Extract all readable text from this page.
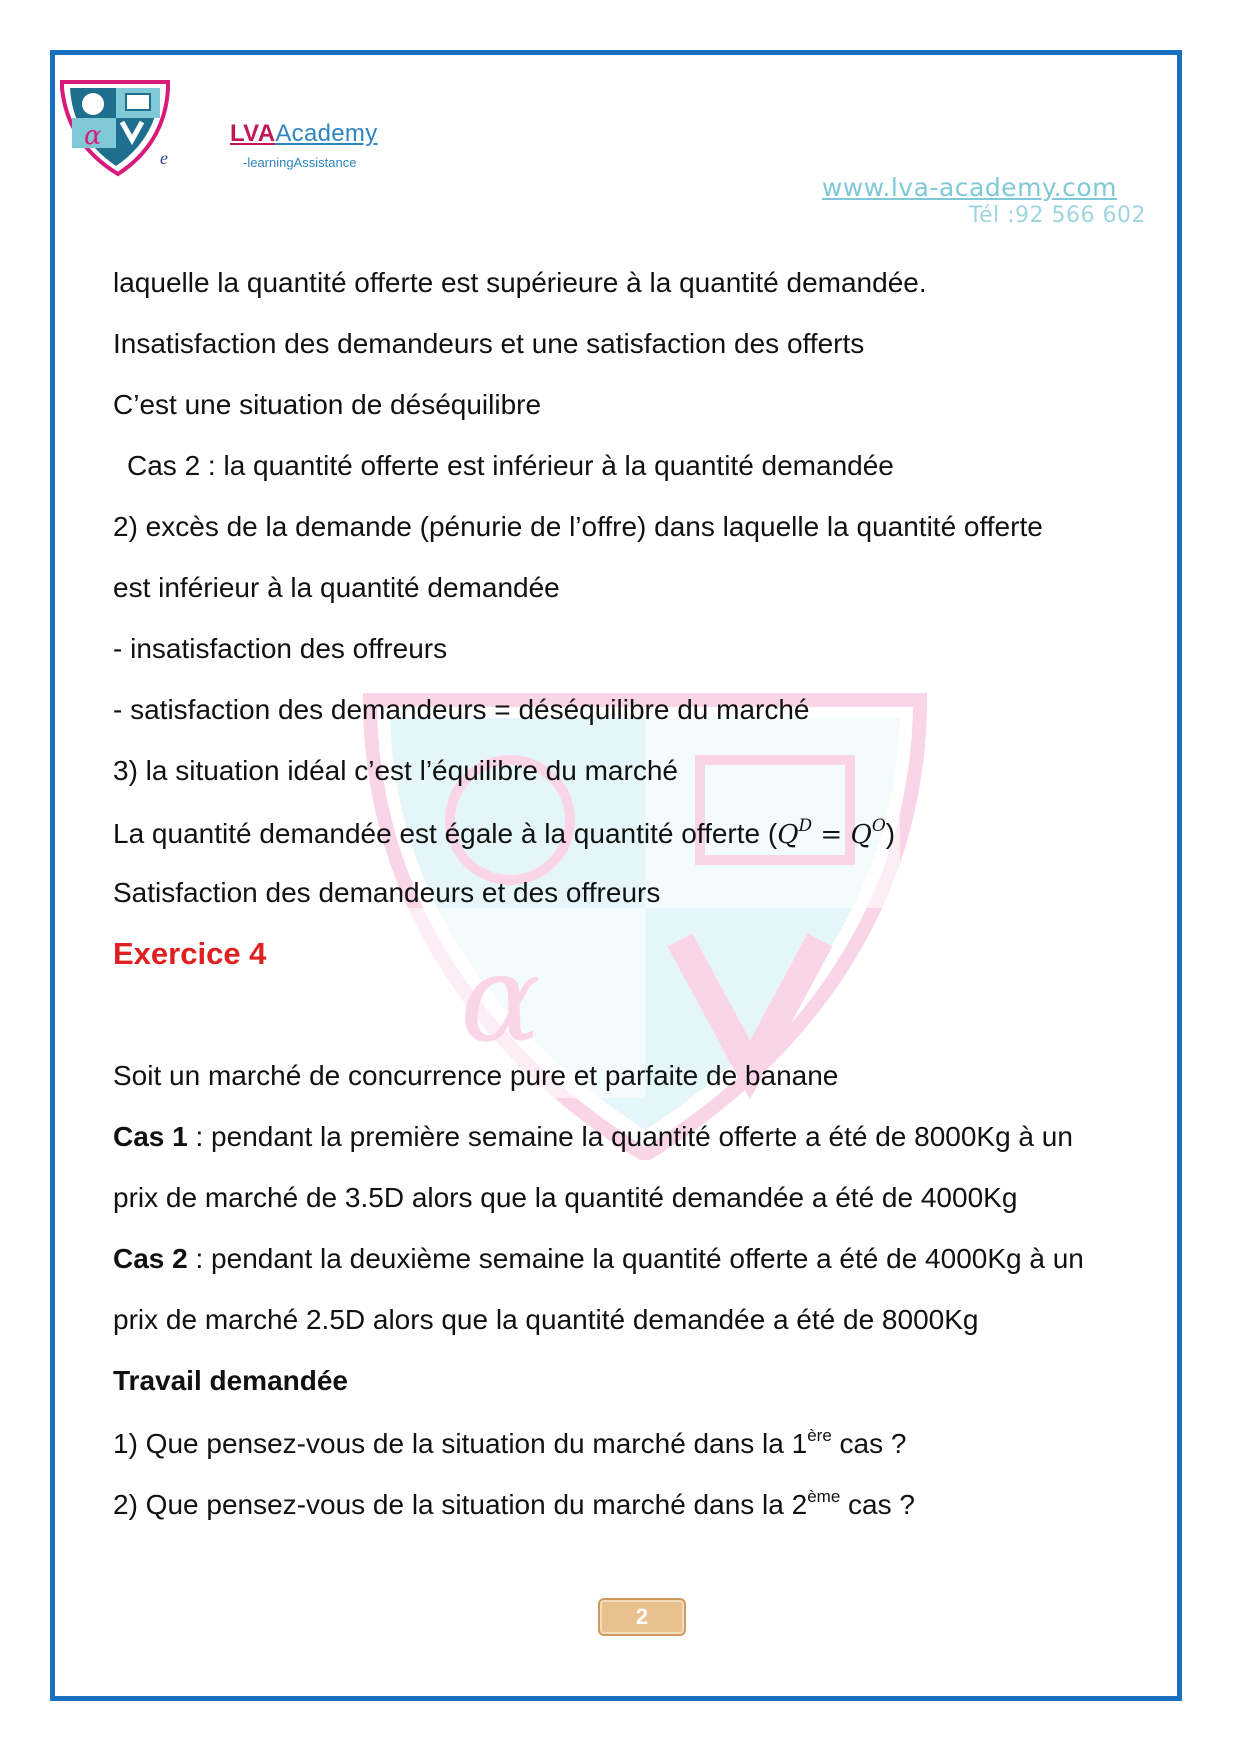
α
e
LVAAcademy
-learningAssistance
www.lva-academy.com
Tél :92 566 602
α
laquelle la quantité offerte est supérieure à la quantité demandée.
Insatisfaction des demandeurs et une satisfaction des offerts
C’est une situation de déséquilibre
Cas 2 : la quantité offerte est inférieur à la quantité demandée
2) excès de la demande (pénurie de l’offre) dans laquelle la quantité offerte
est inférieur à la quantité demandée
- insatisfaction des offreurs
- satisfaction des demandeurs = déséquilibre du marché
3) la situation idéal c’est l’équilibre du marché
La quantité demandée est égale à la quantité offerte $(Q^D = Q^O)$
Satisfaction des demandeurs et des offreurs
Exercice 4
Soit un marché de concurrence pure et parfaite de banane
Cas 1 : pendant la première semaine la quantité offerte a été de 8000Kg à un
prix de marché de 3.5D alors que la quantité demandée a été de 4000Kg
Cas 2 : pendant la deuxième semaine la quantité offerte a été de 4000Kg à un
prix de marché 2.5D alors que la quantité demandée a été de 8000Kg
Travail demandée
1) Que pensez-vous de la situation du marché dans la 1ère cas ?
2) Que pensez-vous de la situation du marché dans la 2ème cas ?
2
